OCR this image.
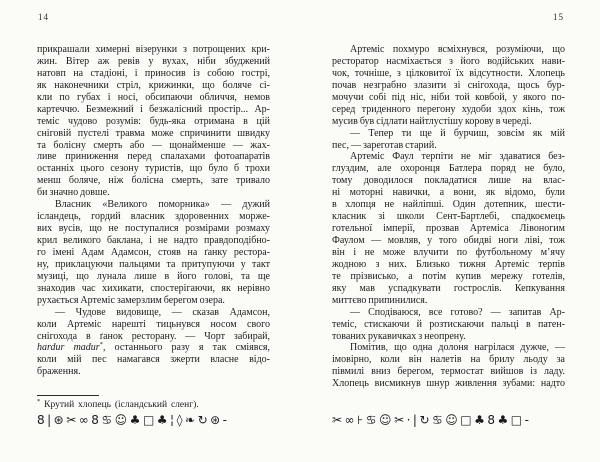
14
прикрашали химерні візерунки з потрощених кри-
жин. Вітер аж ревів у вухах, ніби збуджений
натовп на стадіоні, і приносив із собою гострі,
як наконечники стріл, крижинки, що боляче сі-
кли по губах і носі, обсипаючи обличчя, немов
картеччю. Безмежний і безжалісний простір... Ар-
теміс чудово розумів: будь-яка отримана в цій
сніговій пустелі травма може спричинити швидку
та болісну смерть або — щонайменше — жах-
ливе приниження перед спалахами фотоапаратів
останніх цього сезону туристів, що було б трохи
менш боляче, ніж болісна смерть, зате тривало
би значно довше.
Власник «Великого поморника» — дужий
ісландець, гордий власник здоровенних морже-
вих вусів, що не поступалися розмірами розмаху
крил великого баклана, і не надто правдоподібно-
го імені Адам Адамсон, стояв на ґанку рестора-
ну, приклацуючи пальцями та притупуючи у такт
музиці, що лунала лише в його голові, та ще
знаходив час хихикати, спостерігаючи, як нерівно
рухається Артеміс замерзлим берегом озера.
— Чудове видовище, — сказав Адамсон,
коли Артеміс нарешті тицьнувся носом свого
снігохода в ґанок ресторану. — Чорт забирай,
hardur madur*, останнього разу я так сміявся,
коли мій пес намагався зжерти власне відо-
браження.
* Крутий хлопець (ісландський сленг).
8|⊛✂∞8♋☺♣□♣¦◊❧↻⊛-
15
Артеміс похмуро всміхнувся, розуміючи, що
ресторатор насміхається з його водійських нави-
чок, точніше, з цілковитої їх відсутности. Хлопець
почав незграбно злазити зі снігохода, щось бур-
мочучи собі під ніс, ніби той ковбой, у якого по-
серед триденного перегону худоби здох кінь, тож
мусив був сідлати найтлустішу корову в череді.
— Тепер ти ще й бурчиш, зовсім як мій
пес, — зареготав старий.
Артеміс Фаул терпіти не міг здаватися без-
глуздим, але охоронця Батлера поряд не було,
тому доводилося покладатися лише на влас-
ні моторні навички, а вони, як відомо, були
в хлопця не найліпші. Один дотепник, шести-
класник зі школи Сент-Бартлебі, спадкоємець
готельної імперії, прозвав Артеміса Лівоногим
Фаулом — мовляв, у того обидві ноги ліві, тож
він і не може влучити по футбольному м’ячу
жодною з них. Близько тижня Артеміс терпів
те прізвисько, а потім купив мережу готелів,
яку мав успадкувати гострослів. Кепкування
миттєво припинилися.
— Сподіваюся, все готово? — запитав Ар-
теміс, стискаючи й розтискаючи пальці в патен-
тованих рукавичках з неопрену.
Помітив, що одна долоня нагрілася дужче, —
імовірно, коли він налетів на брилу льоду за
півмилі вниз берегом, термостат вийшов із ладу.
Хлопець висмикнув шнур живлення зубами: надто
✂∞⊦♋☺✂·|↻♋☺□♣8♣□-
